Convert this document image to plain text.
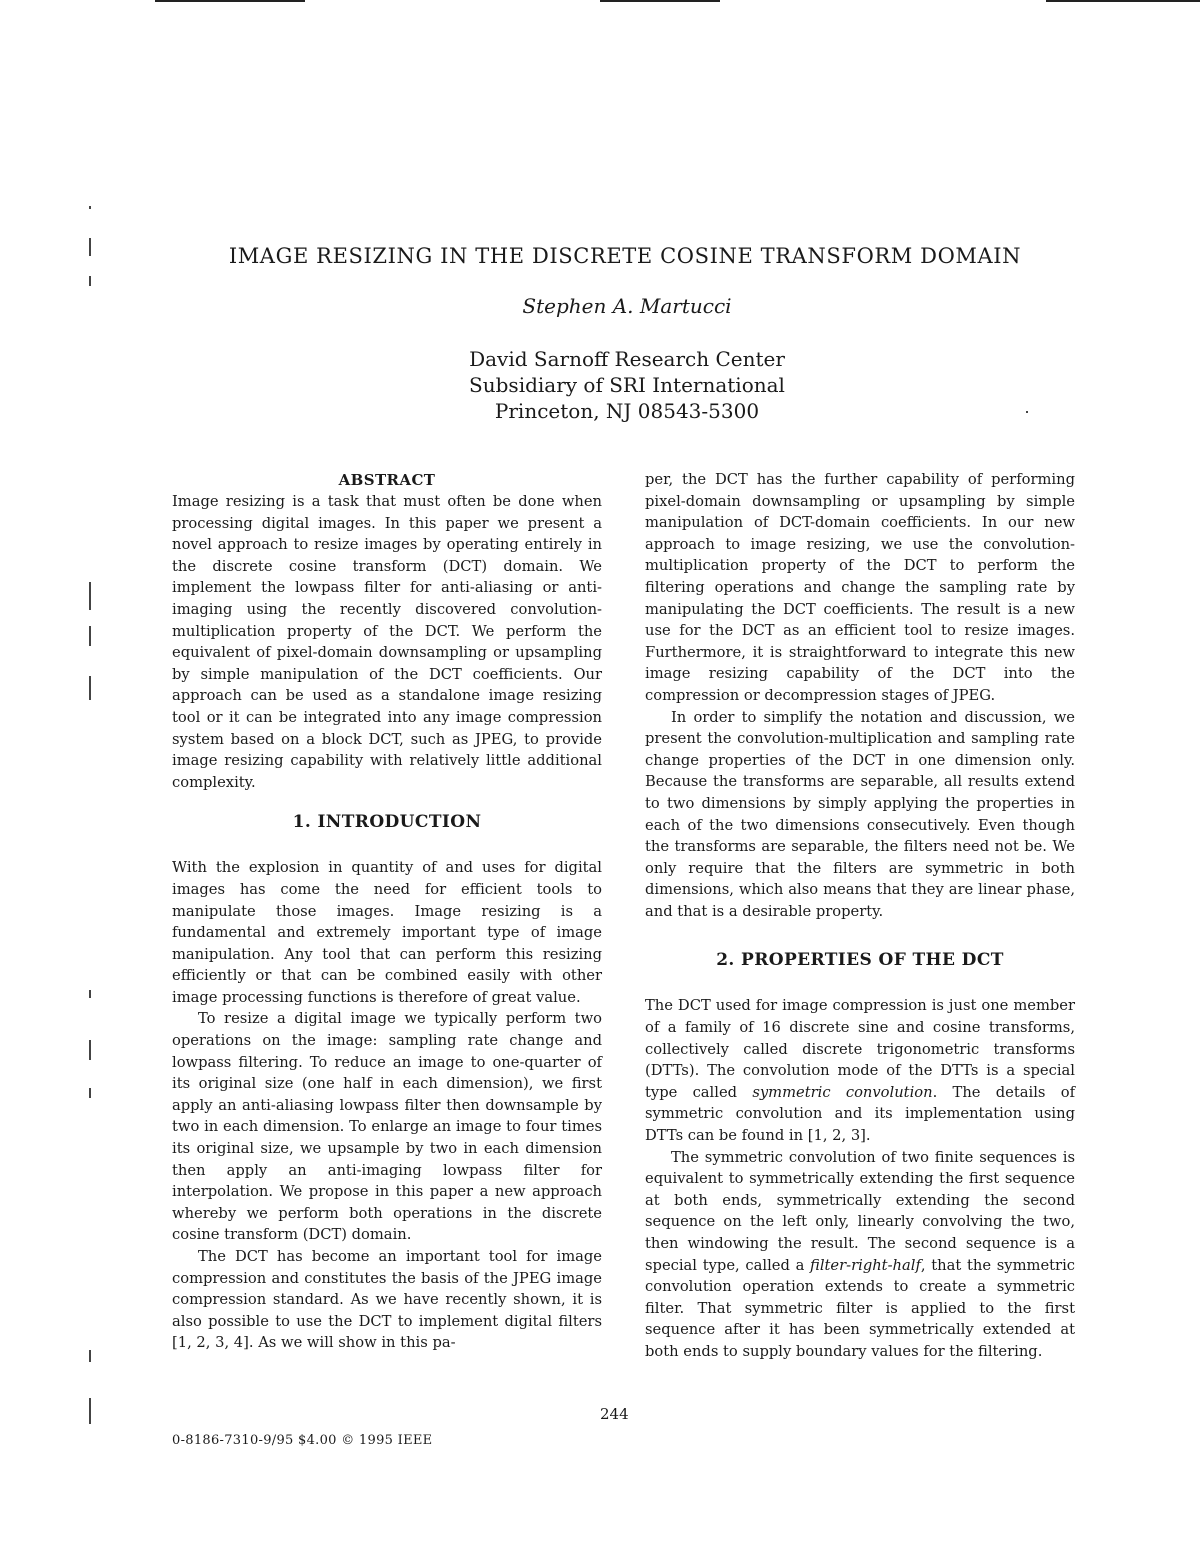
IMAGE RESIZING IN THE DISCRETE COSINE TRANSFORM DOMAIN
Stephen A. Martucci
David Sarnoff Research Center
Subsidiary of SRI International
Princeton, NJ 08543-5300
ABSTRACT

Image resizing is a task that must often be done when processing digital images. In this paper we present a novel approach to resize images by operating entirely in the discrete cosine transform (DCT) domain. We implement the lowpass filter for anti-aliasing or anti-imaging using the recently discovered convolution-multiplication property of the DCT. We perform the equivalent of pixel-domain downsampling or upsampling by simple manipulation of the DCT coefficients. Our approach can be used as a standalone image resizing tool or it can be integrated into any image compression system based on a block DCT, such as JPEG, to provide image resizing capability with relatively little additional complexity.

1. INTRODUCTION

With the explosion in quantity of and uses for digital images has come the need for efficient tools to manipulate those images. Image resizing is a fundamental and extremely important type of image manipulation. Any tool that can perform this resizing efficiently or that can be combined easily with other image processing functions is therefore of great value.

To resize a digital image we typically perform two operations on the image: sampling rate change and lowpass filtering. To reduce an image to one-quarter of its original size (one half in each dimension), we first apply an anti-aliasing lowpass filter then downsample by two in each dimension. To enlarge an image to four times its original size, we upsample by two in each dimension then apply an anti-imaging lowpass filter for interpolation. We propose in this paper a new approach whereby we perform both operations in the discrete cosine transform (DCT) domain.

The DCT has become an important tool for image compression and constitutes the basis of the JPEG image compression standard. As we have recently shown, it is also possible to use the DCT to implement digital filters [1, 2, 3, 4]. As we will show in this pa-

per, the DCT has the further capability of performing pixel-domain downsampling or upsampling by simple manipulation of DCT-domain coefficients. In our new approach to image resizing, we use the convolution-multiplication property of the DCT to perform the filtering operations and change the sampling rate by manipulating the DCT coefficients. The result is a new use for the DCT as an efficient tool to resize images. Furthermore, it is straightforward to integrate this new image resizing capability of the DCT into the compression or decompression stages of JPEG.

In order to simplify the notation and discussion, we present the convolution-multiplication and sampling rate change properties of the DCT in one dimension only. Because the transforms are separable, all results extend to two dimensions by simply applying the properties in each of the two dimensions consecutively. Even though the transforms are separable, the filters need not be. We only require that the filters are symmetric in both dimensions, which also means that they are linear phase, and that is a desirable property.

2. PROPERTIES OF THE DCT

The DCT used for image compression is just one member of a family of 16 discrete sine and cosine transforms, collectively called discrete trigonometric transforms (DTTs). The convolution mode of the DTTs is a special type called symmetric convolution. The details of symmetric convolution and its implementation using DTTs can be found in [1, 2, 3].

The symmetric convolution of two finite sequences is equivalent to symmetrically extending the first sequence at both ends, symmetrically extending the second sequence on the left only, linearly convolving the two, then windowing the result. The second sequence is a special type, called a filter-right-half, that the symmetric convolution operation extends to create a symmetric filter. That symmetric filter is applied to the first sequence after it has been symmetrically extended at both ends to supply boundary values for the filtering.

244
0-8186-7310-9/95 $4.00 © 1995 IEEE
